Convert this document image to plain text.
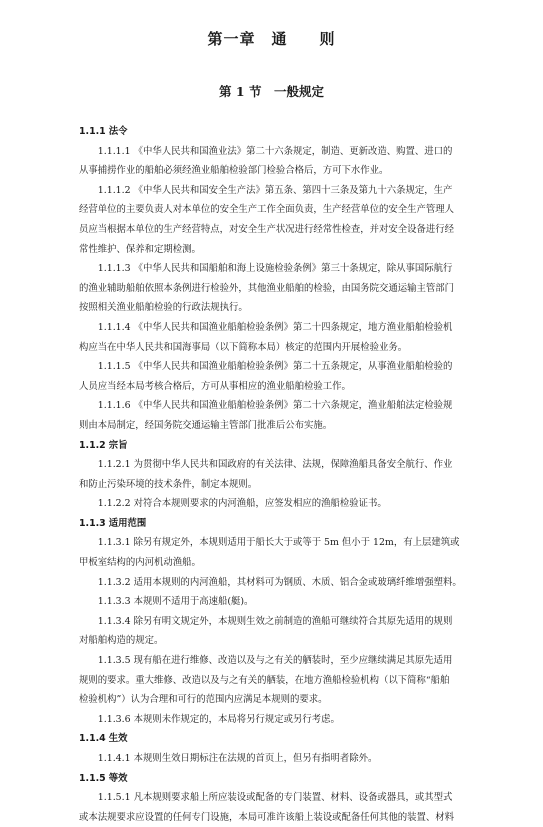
第一章　通　　则
第 1 节　一般规定
1.1.1 法令
1.1.1.1 《中华人民共和国渔业法》第二十六条规定，制造、更新改造、购置、进口的
从事捕捞作业的船舶必须经渔业船舶检验部门检验合格后，方可下水作业。
1.1.1.2 《中华人民共和国安全生产法》第五条、第四十三条及第九十六条规定，生产
经营单位的主要负责人对本单位的安全生产工作全面负责，生产经营单位的安全生产管理人
员应当根据本单位的生产经营特点，对安全生产状况进行经常性检查，并对安全设备进行经
常性维护、保养和定期检测。
1.1.1.3 《中华人民共和国船舶和海上设施检验条例》第三十条规定，除从事国际航行
的渔业辅助船舶依照本条例进行检验外，其他渔业船舶的检验，由国务院交通运输主管部门
按照相关渔业船舶检验的行政法规执行。
1.1.1.4 《中华人民共和国渔业船舶检验条例》第二十四条规定，地方渔业船舶检验机
构应当在中华人民共和国海事局（以下简称本局）核定的范围内开展检验业务。
1.1.1.5 《中华人民共和国渔业船舶检验条例》第二十五条规定，从事渔业船舶检验的
人员应当经本局考核合格后，方可从事相应的渔业船舶检验工作。
1.1.1.6 《中华人民共和国渔业船舶检验条例》第二十六条规定，渔业船舶法定检验规
则由本局制定，经国务院交通运输主管部门批准后公布实施。
1.1.2 宗旨
1.1.2.1 为贯彻中华人民共和国政府的有关法律、法规，保障渔船具备安全航行、作业
和防止污染环境的技术条件，制定本规则。
1.1.2.2 对符合本规则要求的内河渔船，应签发相应的渔船检验证书。
1.1.3 适用范围
1.1.3.1 除另有规定外，本规则适用于船长大于或等于 5m 但小于 12m，有上层建筑或
甲板室结构的内河机动渔船。
1.1.3.2 适用本规则的内河渔船，其材料可为钢质、木质、铝合金或玻璃纤维增强塑料。
1.1.3.3 本规则不适用于高速船(艇)。
1.1.3.4 除另有明文规定外，本规则生效之前制造的渔船可继续符合其原先适用的规则
对船舶构造的规定。
1.1.3.5 现有船在进行维修、改造以及与之有关的舾装时，至少应继续满足其原先适用
规则的要求。重大维修、改造以及与之有关的舾装，在地方渔船检验机构（以下简称“船舶
检验机构”）认为合理和可行的范围内应满足本规则的要求。
1.1.3.6 本规则未作规定的，本局将另行规定或另行考虑。
1.1.4 生效
1.1.4.1 本规则生效日期标注在法规的首页上，但另有指明者除外。
1.1.5 等效
1.1.5.1 凡本规则要求船上所应装设或配备的专门装置、材料、设备或器具，或其型式
或本法规要求应设置的任何专门设施，本局可准许该船上装设或配备任何其他的装置、材料
